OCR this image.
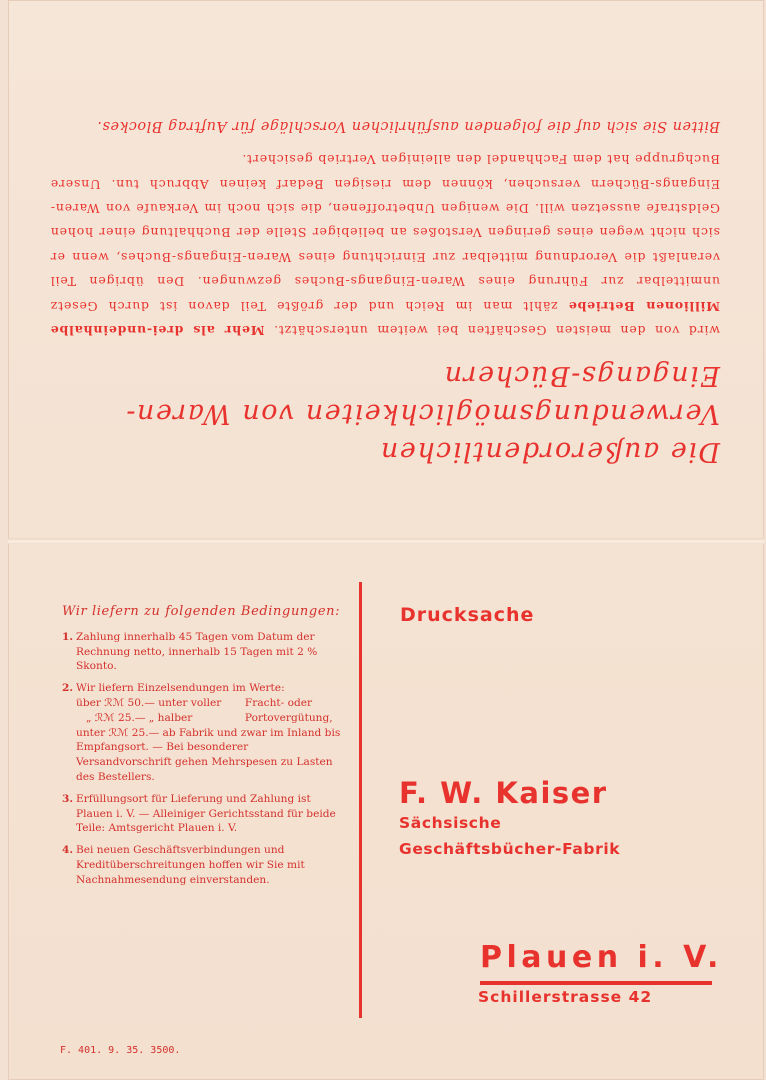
Die außerordentlichen Verwendungsmöglichkeiten von Waren-Eingangs-Büchern

wird von den meisten Geschäften bei weitem unterschätzt. Mehr als drei-undeinhalbe Millionen Betriebe zählt man im Reich und der größte Teil davon ist durch Gesetz unmittelbar zur Führung eines Waren-Eingangs-Buches gezwungen. Den übrigen Teil veranlaßt die Verordnung mittelbar zur Einrichtung eines Waren-Eingangs-Buches, wenn er sich nicht wegen eines geringen Verstoßes an beliebiger Stelle der Buchhaltung einer hohen Geldstrafe aussetzen will. Die wenigen Unbetroffenen, die sich noch im Verkaufe von Waren-Eingangs-Büchern versuchen, können dem riesigen Bedarf keinen Abbruch tun. Unsere Buchgruppe hat dem Fachhandel den alleinigen Vertrieb gesichert.

Bitten Sie sich auf die folgenden ausführlichen Vorschläge für Auftrag Blockes.
Wir liefern zu folgenden Bedingungen:
1. Zahlung innerhalb 45 Tagen vom Datum der Rechnung netto, innerhalb 15 Tagen mit 2 % Skonto.
2. Wir liefern Einzelsendungen im Werte:
über ℛℳ 50.— unter voller	Fracht- oder
„ ℛℳ 25.— „ halber	Portovergütung,
unter ℛℳ 25.— ab Fabrik und zwar im Inland bis Empfangsort. — Bei besonderer Versandvorschrift gehen Mehrspesen zu Lasten des Bestellers.
3. Erfüllungsort für Lieferung und Zahlung ist Plauen i. V. — Alleiniger Gerichtsstand für beide Teile: Amtsgericht Plauen i. V.
4. Bei neuen Geschäftsverbindungen und Kreditüberschreitungen hoffen wir Sie mit Nachnahmesendung einverstanden.
Drucksache
F. W. Kaiser
Sächsische
Geschäftsbücher-Fabrik
Plauen i. V.
Schillerstrasse 42
F. 401. 9. 35. 3500.
